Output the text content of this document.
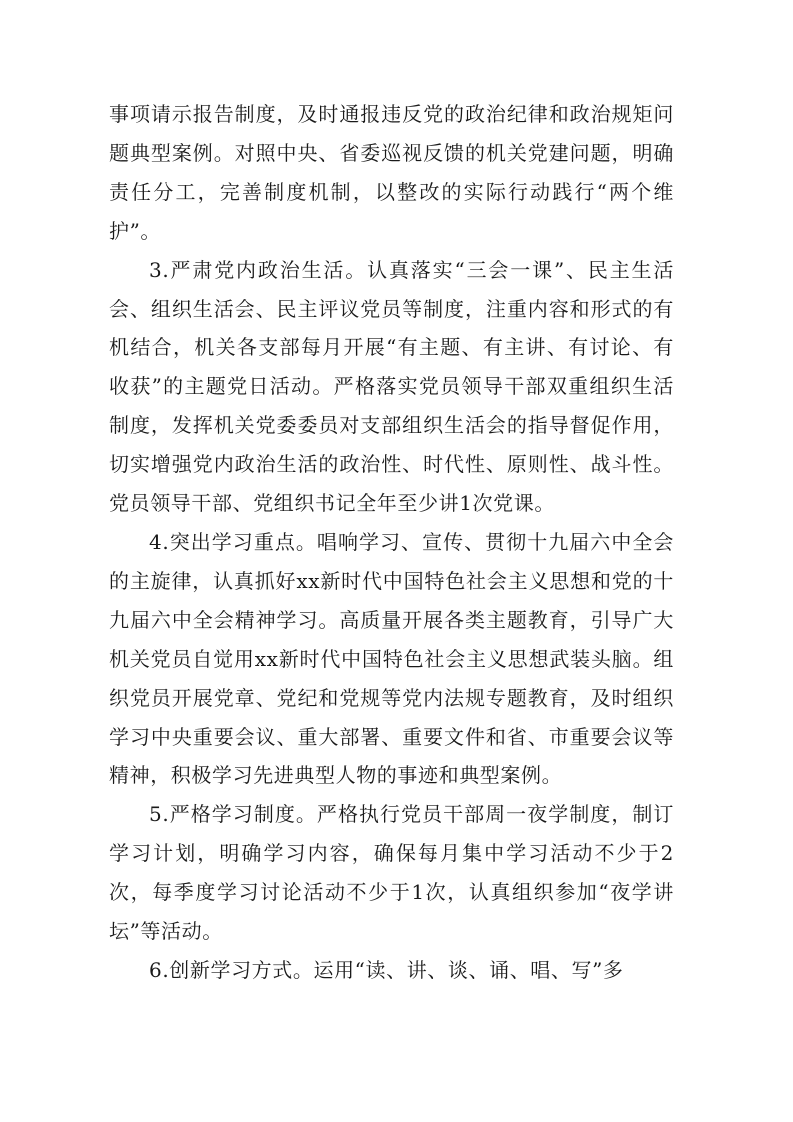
事项请示报告制度，及时通报违反党的政治纪律和政治规矩问题典型案例。对照中央、省委巡视反馈的机关党建问题，明确责任分工，完善制度机制，以整改的实际行动践行“两个维护”。

3.严肃党内政治生活。认真落实“三会一课”、民主生活会、组织生活会、民主评议党员等制度，注重内容和形式的有机结合，机关各支部每月开展“有主题、有主讲、有讨论、有收获”的主题党日活动。严格落实党员领导干部双重组织生活制度，发挥机关党委委员对支部组织生活会的指导督促作用，切实增强党内政治生活的政治性、时代性、原则性、战斗性。党员领导干部、党组织书记全年至少讲1次党课。

4.突出学习重点。唱响学习、宣传、贯彻十九届六中全会的主旋律，认真抓好xx新时代中国特色社会主义思想和党的十九届六中全会精神学习。高质量开展各类主题教育，引导广大机关党员自觉用xx新时代中国特色社会主义思想武装头脑。组织党员开展党章、党纪和党规等党内法规专题教育，及时组织学习中央重要会议、重大部署、重要文件和省、市重要会议等精神，积极学习先进典型人物的事迹和典型案例。

5.严格学习制度。严格执行党员干部周一夜学制度，制订学习计划，明确学习内容，确保每月集中学习活动不少于2次，每季度学习讨论活动不少于1次，认真组织参加“夜学讲坛”等活动。

6.创新学习方式。运用“读、讲、谈、诵、唱、写”多
